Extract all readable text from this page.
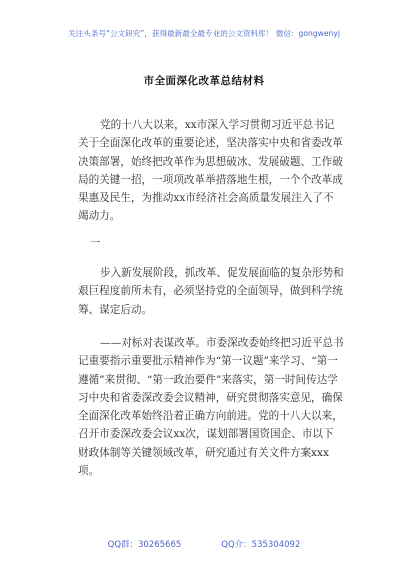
关注头条号“公文研究”，获得最新最全最专业的公文资料库！ 微信：gongwenyj
市全面深化改革总结材料

党的十八大以来，xx市深入学习贯彻习近平总书记关于全面深化改革的重要论述，坚决落实中央和省委改革决策部署，始终把改革作为思想破冰、发展破题、工作破局的关键一招，一项项改革举措落地生根，一个个改革成果惠及民生，为推动xx市经济社会高质量发展注入了不竭动力。

一

步入新发展阶段，抓改革、促发展面临的复杂形势和艰巨程度前所未有，必须坚持党的全面领导，做到科学统筹、谋定后动。

——对标对表谋改革。市委深改委始终把习近平总书记重要指示重要批示精神作为“第一议题”来学习、“第一遵循”来贯彻、“第一政治要件”来落实，第一时间传达学习中央和省委深改委会议精神，研究贯彻落实意见，确保全面深化改革始终沿着正确方向前进。党的十八大以来，召开市委深改委会议xx次，谋划部署国资国企、市以下财政体制等关键领域改革，研究通过有关文件方案xxx项。

QQ群：30265665	QQ介：535304092
